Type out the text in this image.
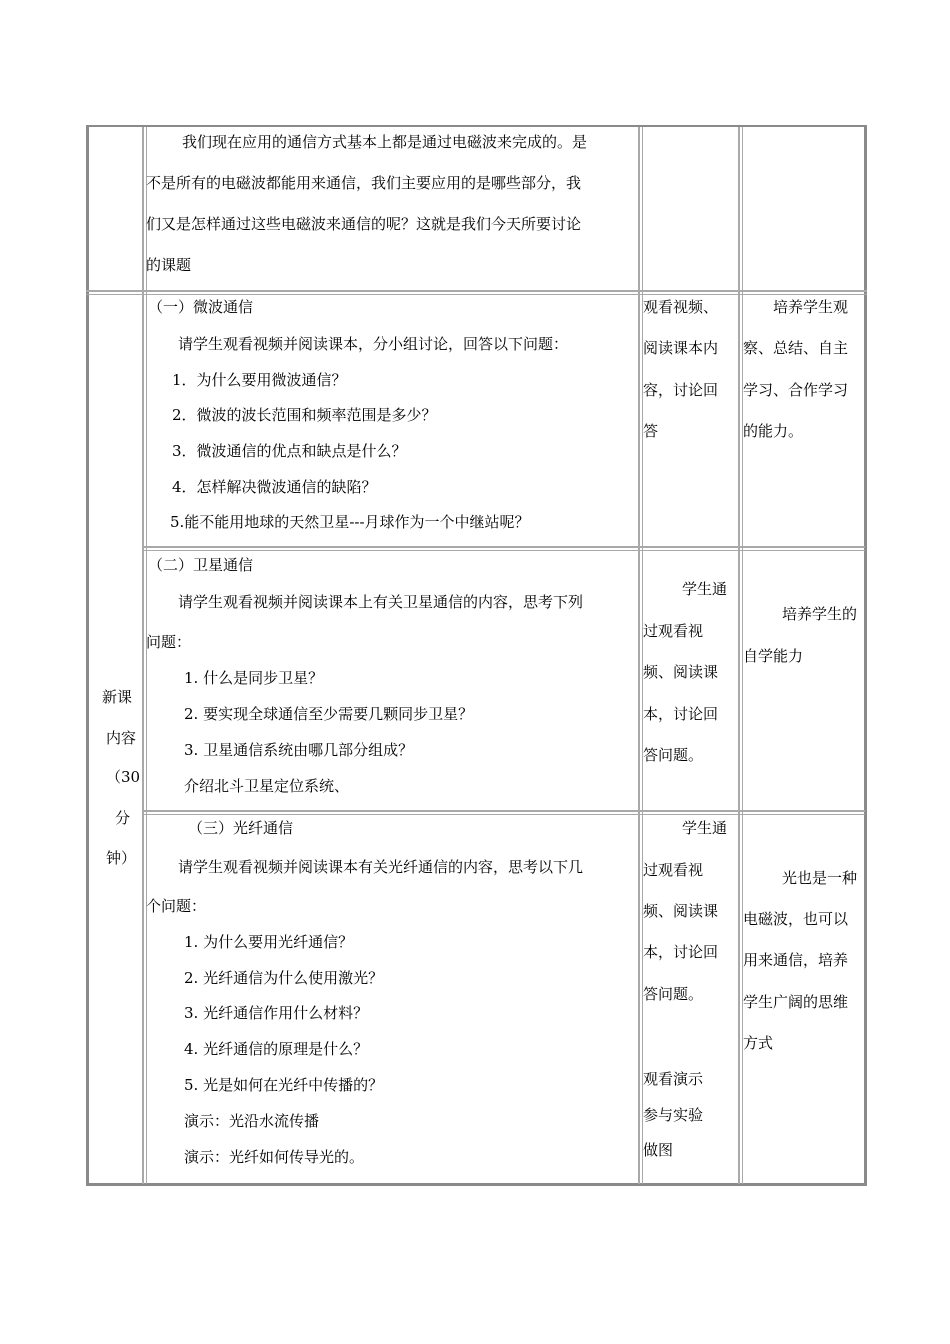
我们现在应用的通信方式基本上都是通过电磁波来完成的。是
不是所有的电磁波都能用来通信，我们主要应用的是哪些部分，我
们又是怎样通过这些电磁波来通信的呢？这就是我们今天所要讨论
的课题
新课
内容
（30
分
钟）
（一）微波通信
请学生观看视频并阅读课本，分小组讨论，回答以下问题：
1．为什么要用微波通信？
2．微波的波长范围和频率范围是多少？
3．微波通信的优点和缺点是什么？
4．怎样解决微波通信的缺陷？
5.能不能用地球的天然卫星---月球作为一个中继站呢？
观看视频、
阅读课本内
容，讨论回
答
培养学生观
察、总结、自主
学习、合作学习
的能力。
（二）卫星通信
请学生观看视频并阅读课本上有关卫星通信的内容，思考下列
问题：
1. 什么是同步卫星？
2. 要实现全球通信至少需要几颗同步卫星？
3. 卫星通信系统由哪几部分组成？
介绍北斗卫星定位系统、
学生通
过观看视
频、阅读课
本，讨论回
答问题。
培养学生的
自学能力
（三）光纤通信
请学生观看视频并阅读课本有关光纤通信的内容，思考以下几
个问题：
1. 为什么要用光纤通信？
2. 光纤通信为什么使用激光？
3. 光纤通信作用什么材料？
4. 光纤通信的原理是什么？
5. 光是如何在光纤中传播的？
演示：光沿水流传播
演示：光纤如何传导光的。
学生通
过观看视
频、阅读课
本，讨论回
答问题。
观看演示
参与实验
做图
光也是一种
电磁波，也可以
用来通信，培养
学生广阔的思维
方式
